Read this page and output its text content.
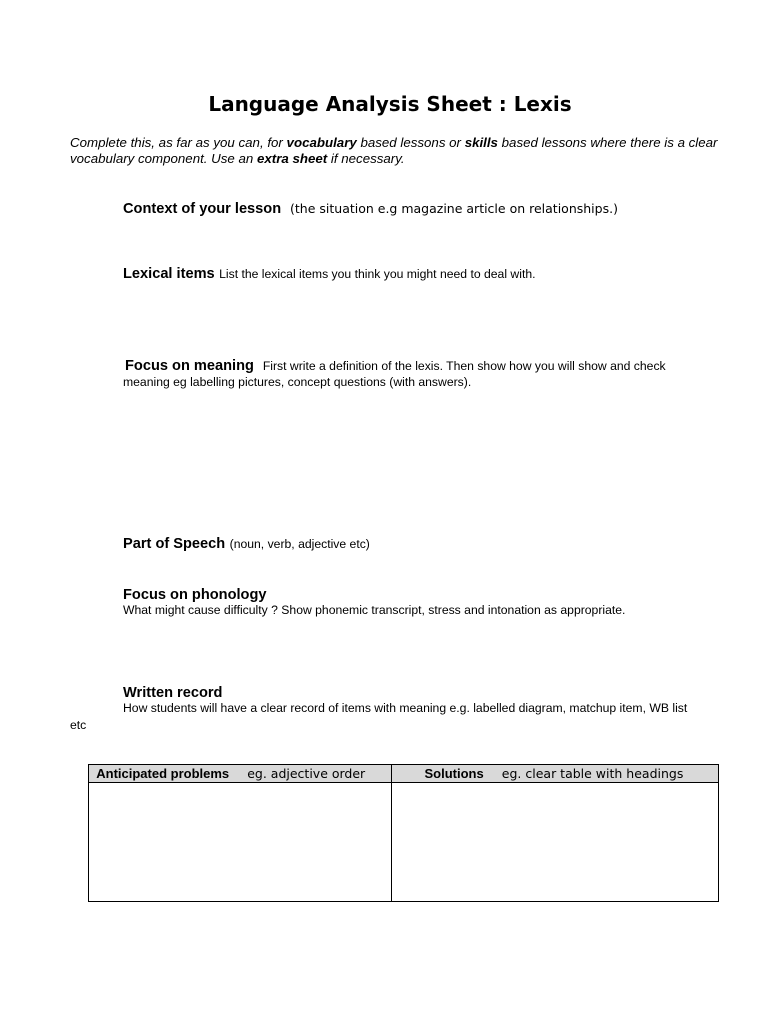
Language Analysis Sheet : Lexis
Complete this, as far as you can, for vocabulary based lessons or skills based lessons where there is a clear vocabulary component. Use an extra sheet if necessary.
Context of your lesson (the situation e.g magazine article on relationships.)
Lexical items List the lexical items you think you might need to deal with.
Focus on meaning First write a definition of the lexis. Then show how you will show and check meaning eg labelling pictures, concept questions (with answers).
Part of Speech (noun, verb, adjective etc)
Focus on phonology
What might cause difficulty ? Show phonemic transcript, stress and intonation as appropriate.
Written record
How students will have a clear record of items with meaning e.g. labelled diagram, matchup item, WB list
etc
Anticipated problems eg. adjective order	Solutions eg. clear table with headings
